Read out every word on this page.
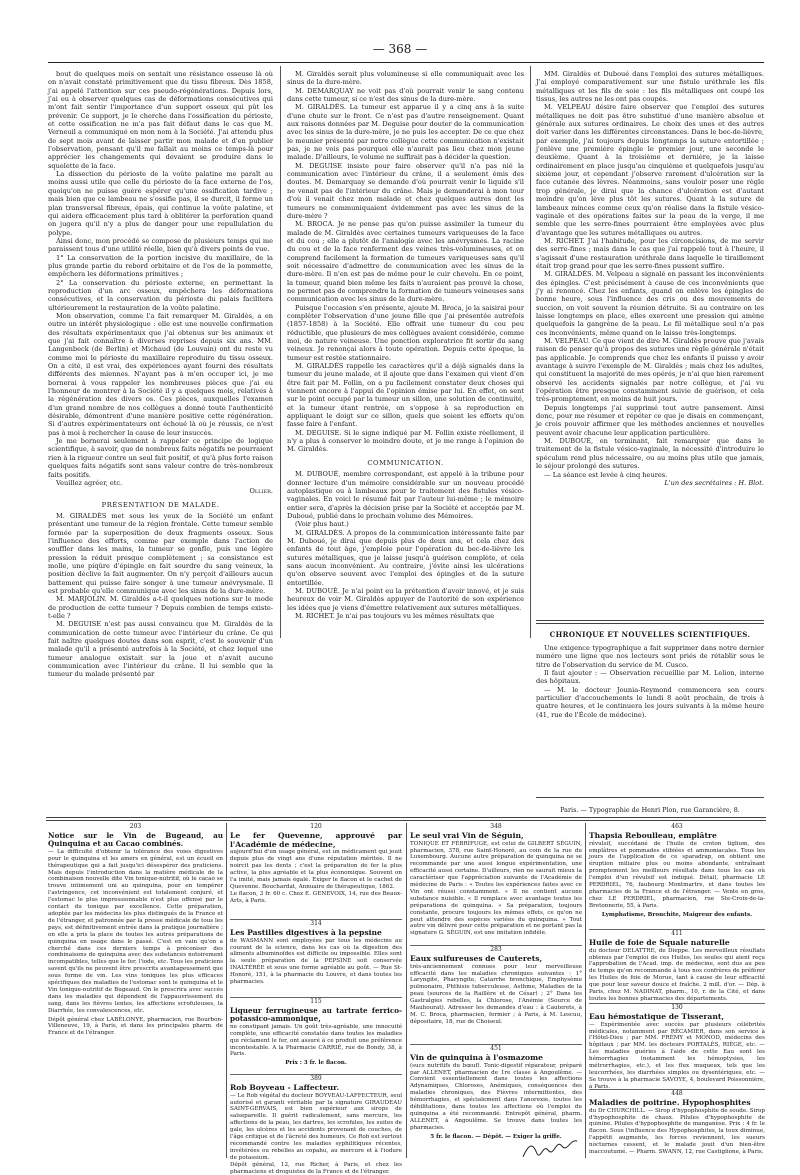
— 368 —

bout de quelques mois on sentait une résistance osseuse là où on n'avait constaté primitivement que du tissu fibreux. Dès 1858, j'ai appelé l'attention sur ces pseudo-régénérations. Depuis lors, j'ai eu à observer quelques cas de déformations consécutives qui m'ont fait sentir l'importance d'un support osseux qui pût les prévenir. Ce support, je le cherche dans l'ossification du périoste, et cette ossification ne m'a pas fait défaut dans le cas que M. Verneuil a communiqué en mon nom à la Société. J'ai attendu plus de sept mois avant de laisser partir mon malade et d'en publier l'observation, pensant qu'il me fallait au moins ce temps-là pour apprécier les changements qui devaient se produire dans le squelette de la face.

La dissection du périoste de la voûte palatine me paraît au moins aussi utile que celle du périoste de la face externe de l'os, quoiqu'on ne puisse guère espérer qu'une ossification tardive ; mais bien que ce lambeau ne s'ossifie pas, il se durcit, il forme un plan transversal fibreux, épais, qui continue la voûte palatine, et qui aidera efficacement plus tard à oblitérer la perforation quand on jugera qu'il n'y a plus de danger pour une repullulation du polype.

Ainsi donc, mon procédé se compose de plusieurs temps qui me paraissent tous d'une utilité réelle, bien qu'à divers points de vue.

1° La conservation de la portion incisive du maxillaire, de la plus grande partie du rebord orbitaire et de l'os de la pommette, empêchera les déformations primitives ;

2° La conservation du périoste externe, en permettant la reproduction d'un arc osseux, empêchera les déformations consécutives, et la conservation du périoste du palais facilitera ultérieurement la restauration de la voûte palatine.

Mon observation, comme l'a fait remarquer M. Giraldès, a en outre un intérêt physiologique : elle est une nouvelle confirmation des résultats expérimentaux que j'ai obtenus sur les animaux et que j'ai fait connaître à diverses reprises depuis six ans. MM. Langenbeck (de Berlin) et Michaud (de Louvain) ont du reste vu comme moi le périoste du maxillaire reproduire du tissu osseux. On a cité, il est vrai, des expériences ayant fourni des résultats différents des miennes. N'ayant pas à m'en occuper ici, je me bornerai à vous rappeler les nombreuses pièces que j'ai eu l'honneur de montrer à la Société il y a quelques mois, relatives à la régénération des divers os. Ces pièces, auxquelles l'examen d'un grand nombre de nos collègues a donné toute l'authenticité désirable, démontrent d'une manière positive cette régénération. Si d'autres expérimentateurs ont échoué là où je réussis, ce n'est pas à moi à rechercher la cause de leur insuccès.

Je me bornerai seulement à rappeler ce principe de logique scientifique, à savoir, que de nombreux faits négatifs ne pourraient rien à la rigueur contre un seul fait positif, et qu'à plus forte raison quelques faits négatifs sont sans valeur contre de très-nombreux faits positifs.

Veuillez agréer, etc.

Ollier.

PRÉSENTATION DE MALADE.

M. GIRALDÈS met sous les yeux de la Société un enfant présentant une tumeur de la région frontale. Cette tumeur semble formée par la superposition de deux fragments osseux. Sous l'influence des efforts, comme par exemple dans l'action de souffler dans les mains, la tumeur se gonfle, puis une légère pression la réduit presque complètement ; sa consistance est molle, une piqûre d'épingle en fait sourdre du sang veineux, la position déclive la fait augmenter. On n'y perçoit d'ailleurs aucun battement qui puisse faire songer à une tumeur anévrysmale. Il est probable qu'elle communique avec les sinus de la dure-mère.

M. MARJOLIN. M. Giraldès a-t-il quelques notions sur le mode de production de cette tumeur ? Depuis combien de temps existe-t-elle ?

M. DEGUISE n'est pas aussi convaincu que M. Giraldès de la communication de cette tumeur avec l'intérieur du crâne. Ce qui fait naître quelques doutes dans son esprit, c'est le souvenir d'un malade qu'il a présenté autrefois à la Société, et chez lequel une tumeur analogue existait sur la joue et n'avait aucune communication avec l'intérieur du crâne. Il lui semble que la tumeur du malade présenté par

M. Giraldès serait plus volumineuse si elle communiquait avec les sinus de la dure-mère.

M. DEMARQUAY ne voit pas d'où pourrait venir le sang contenu dans cette tumeur, si ce n'est des sinus de la dure-mère.

M. GIRALDÈS. La tumeur est apparue il y a cinq ans à la suite d'une chute sur le front. Ce n'est pas d'autre renseignement. Quant aux raisons données par M. Deguise pour douter de la communication avec les sinus de la dure-mère, je ne puis les accepter. De ce que chez le meunier présenté par notre collègue cette communication n'existait pas, je ne vois pas pourquoi elle n'aurait pas lieu chez mon jeune malade. D'ailleurs, le volume ne suffirait pas à décider la question.

M. DEGUISE insiste pour faire observer qu'il n'a pas nié la communication avec l'intérieur du crâne, il a seulement émis des doutes. M. Demarquay se demande d'où pourrait venir le liquide s'il ne venait pas de l'intérieur du crâne. Mais je demanderai à mon tour d'où il venait chez mon malade et chez quelques autres dont les tumeurs ne communiquaient évidemment pas avec les sinus de la dure-mère ?

M. BROCA. Je ne pense pas qu'on puisse assimiler la tumeur du malade de M. Giraldès avec certaines tumeurs variqueuses de la face et du cou ; elle a plutôt de l'analogie avec les anévrysmes. La racine du cou et de la face renferment des veines très-volumineuses, et on comprend facilement la formation de tumeurs variqueuses sans qu'il soit nécessaire d'admettre de communication avec les sinus de la dure-mère. Il n'en est pas de même pour le cuir chevelu. En ce point, la tumeur, quand bien même les faits n'auraient pas prouvé la chose, ne permet pas de comprendre la formation de tumeurs veineuses sans communication avec les sinus de la dure-mère.

Puisque l'occasion s'en présente, ajoute M. Broca, je la saisirai pour compléter l'observation d'une jeune fille que j'ai présentée autrefois (1857-1858) à la Société. Elle offrait une tumeur du cou peu réductible, que plusieurs de mes collègues avaient considérée, comme moi, de nature veineuse. Une ponction exploratrice fit sortir du sang veineux. Je renonçai alors à toute opération. Depuis cette époque, la tumeur est restée stationnaire.

M. GIRALDÈS rappelle les caractères qu'il a déjà signalés dans la tumeur du jeune malade, et il ajoute que dans l'examen qui vient d'en être fait par M. Follin, on a pu facilement constater deux choses qui viennent encore à l'appui de l'opinion émise par lui. En effet, on sent sur le point occupé par la tumeur un sillon, une solution de continuité, et la tumeur étant rentrée, on s'oppose à sa reproduction en appliquant le doigt sur ce sillon, quels que soient les efforts qu'on fasse faire à l'enfant.

M. DEGUISE. Si le signe indiqué par M. Follin existe réellement, il n'y a plus à conserver le moindre doute, et je me range à l'opinion de M. Giraldès.

COMMUNICATION.

M. DUBOUÉ, membre correspondant, est appelé à la tribune pour donner lecture d'un mémoire considérable sur un nouveau procédé autoplastique ou à lambeaux pour le traitement des fistules vésico-vaginales. En voici le résumé fait par l'auteur lui-même ; le mémoire entier sera, d'après la décision prise par la Société et acceptée par M. Duboué, publié dans le prochain volume des Mémoires.

(Voir plus haut.)

M. GIRALDÈS. A propos de la communication intéressante faite par M. Duboué, je dirai que depuis plus de deux ans, et cela chez des enfants de tout âge, j'emploie pour l'opération du bec-de-lièvre les sutures métalliques, que je laisse jusqu'à guérison complète, et cela sans aucun inconvénient. Au contraire, j'évite ainsi les ulcérations qu'on observe souvent avec l'emploi des épingles et de la suture entortillée.

M. DUBOUÉ. Je n'ai point eu la prétention d'avoir innové, et je suis heureux de voir M. Giraldès appuyer de l'autorité de son expérience les idées que je viens d'émettre relativement aux sutures métalliques.

M. RICHET. Je n'ai pas toujours vu les mêmes résultats que

MM. Giraldès et Duboué dans l'emploi des sutures métalliques. J'ai employé comparativement sur une fistule uréthrale les fils métalliques et les fils de soie : les fils métalliques ont coupé les tissus, les autres ne les ont pas coupés.

M. VELPEAU désire faire observer que l'emploi des sutures métalliques ne doit pas être substitué d'une manière absolue et générale aux sutures ordinaires. Le choix des unes et des autres doit varier dans les différentes circonstances. Dans le bec-de-lièvre, par exemple, j'ai toujours depuis longtemps la suture entortillée ; j'enlève une première épingle le premier jour, une seconde le deuxième. Quant à la troisième et dernière, je la laisse ordinairement en place jusqu'au cinquième et quelquefois jusqu'au sixième jour, et cependant j'observe rarement d'ulcération sur la face cutanée des lèvres. Néanmoins, sans vouloir poser une règle trop générale, je dirai que la chance d'ulcération est d'autant moindre qu'on lève plus tôt les sutures. Quant à la suture de lambeaux minces comme ceux qu'on réalise dans la fistule vésico-vaginale et des opérations faites sur la peau de la verge, il me semble que les serre-fines pourraient être employées avec plus d'avantage que les sutures métalliques ou autres.

M. RICHET. J'ai l'habitude, pour les circoncisions, de me servir des serre-fines ; mais dans le cas que j'ai rappelé tout à l'heure, il s'agissait d'une restauration uréthrale dans laquelle le tiraillement était trop grand pour que les serre-fines pussent suffire.

M. GIRALDÈS. M. Velpeau a signalé en passant les inconvénients des épingles. C'est précisément à cause de ces inconvénients que j'y ai renoncé. Chez les enfants, quand on enlève les épingles de bonne heure, sous l'influence des cris ou des mouvements de succion, on voit souvent la réunion détruite. Si au contraire on les laisse longtemps en place, elles exercent une pression qui amène quelquefois la gangrène de la peau. Le fil métallique seul n'a pas ces inconvénients, même quand on le laisse très-longtemps.

M. VELPEAU. Ce que vient de dire M. Giraldès prouve que j'avais raison de penser qu'à propos des sutures une règle générale n'était pas applicable. Je comprends que chez les enfants il puisse y avoir avantage à suivre l'exemple de M. Giraldès ; mais chez les adultes, qui constituent la majorité de mes opérés, je n'ai que bien rarement observé les accidents signalés par notre collègue, et j'ai vu l'opération être presque constamment suivie de guérison, et cela très-promptement, en moins de huit jours.

Depuis longtemps j'ai supprimé tout autre pansement. Ainsi donc, pour me résumer et répéter ce que je disais en commençant, je crois pouvoir affirmer que les méthodes anciennes et nouvelles peuvent avoir chacune leur application particulière.

M. DUBOUÉ, en terminant, fait remarquer que dans le traitement de la fistule vésico-vaginale, la nécessité d'introduire le spéculum rend plus nécessaire, ou au moins plus utile que jamais, le séjour prolongé des sutures.

— La séance est levée à cinq heures.

L'un des secrétaires : H. Blot.

CHRONIQUE ET NOUVELLES SCIENTIFIQUES.

Une exigence typographique a fait supprimer dans notre dernier numéro une ligne que nos lecteurs sont priés de rétablir sous le titre de l'observation du service de M. Cusco.

Il faut ajouter : — Observation recueillie par M. Lelion, interne des hôpitaux.

— M. le docteur Jounia-Reymond commencera son cours particulier d'accouchements le lundi 8 août prochain, de trois à quatre heures, et le continuera les jours suivants à la même heure (41, rue de l'École de médecine).

Paris. — Typographie de Henri Plon, rue Garancière, 8.
203
Notice sur le Vin de Bugeaud, au Quinquina et au Cacao combinés.
— La difficulté d'obtenir la tolérance des voies digestives pour le quinquina et les amers en général, est un écueil en thérapeutique qui a fait jusqu'ici désespérer des praticiens. Mais depuis l'introduction dans la matière médicale de la combinaison nouvelle dite Vin tonique-nutritif, où le cacao se trouve intimement uni au quinquina, pour en tempérer l'astringence, cet inconvénient est totalement conjuré, et l'estomac le plus impressionnable n'est plus offensé par le contact du tonique par excellence. Cette préparation, adoptée par les médecins les plus distingués de la France et de l'étranger, et patronnée par la presse médicale de tous les pays, est définitivement entrée dans la pratique journalière ; on elle a pris la place de toutes les autres préparations de quinquina en usage dans le passé. C'est en vain qu'on a cherché dans ces derniers temps à préconiser des combinaisons de quinquina avec des substances notoirement incompatibles, telles que le fer, l'iode, etc. Tous les praticiens savent qu'ils ne peuvent être prescrits avantageusement que sous forme de vin. Les vins toniques les plus efficaces spécifiques des maladies de l'estomac sont le quinquina et le Vin tonique-nutritif de Bugeaud. On le prescrira avec succès dans les maladies qui dépendent de l'appauvrissement du sang, dans les fièvres lentes, les affections scrofuleuses, la Diarrhée, les convalescences, etc.
Dépôt général chez LABÉLONYE, pharmacien, rue Bourbon-Villeneuve, 19, à Paris, et dans les principales pharm. de France et de l'étranger.
120
Le fer Quevenne, approuvé par l'Académie de médecine,
aujourd'hui d'un usage général, est un médicament qui jouit depuis plus de vingt ans d'une réputation méritée. Il ne noircit pas les dents ; c'est la préparation de fer la plus active, la plus agréable et la plus économique. Souvent on l'a imité, mais jamais égalé. Exiger le flacon et le cachet de Quevenne. Bouchardat, Annuaire de thérapeutique, 1862.
Le flacon, 3 fr. 60 c. Chez E. GENEVOIX, 14, rue des Beaux-Arts, à Paris.
314
Les Pastilles digestives à la pepsine
de WASMANN sont employées par tous les médecins au courant de la science, dans les cas où la digestion des aliments albuminoïdes est difficile ou impossible. Elles sont la seule préparation de la PEPSINE soit conservée INALTÉRÉE et sous une forme agréable au goût. — Rue St-Honoré, 151, à la pharmacie du Louvre, et dans toutes les pharmacies.
115
Liqueur ferrugineuse au tartrate ferrico-potassico-ammonique,
ne constipant jamais. Un goût très-agréable, une innocuité complète, une efficacité constatée dans toutes les maladies qui réclament le fer, ont assuré à ce produit une préférence incontestable. A la Pharmacie CARRIÉ, rue de Bondy, 38, à Paris.
Prix : 3 fr. le flacon.
389
Rob Boyveau - Laffecteur.
— Le Rob végétal du docteur BOYVEAU-LAFFECTEUR, seul autorisé et garanti véritable par la signature GIRAUDEAU SAINT-GERVAIS, est bien supérieur aux sirops de salsepareille. Il guérit radicalement, sans mercure, les affections de la peau, les dartres, les scrofules, les suites de gale, les ulcères et les accidents provenant de couches, de l'âge critique et de l'âcreté des humeurs. Ce Rob est surtout recommandé contre les maladies syphilitiques récentes, invétérées ou rebelles au copahu, au mercure et à l'iodure de potassium.
Dépôt général, 12, rue Richer, à Paris, et chez les pharmaciens et droguistes de la France et de l'étranger.
348
Le seul vrai Vin de Séguin,
TONIQUE ET FÉBRIFUGE, est celui de GILBERT SÉGUIN, pharmacien, 378, rue Saint-Honoré, au coin de la rue du Luxembourg. Aucune autre préparation de quinquina ne se recommande par une aussi longue expérimentation, une efficacité aussi certaine. D'ailleurs, rien ne saurait mieux la caractériser que l'appréciation suivante de l'Académie de médecine de Paris : « Toutes les expériences faites avec ce Vin ont réussi constamment. « Il ne contient aucune substance nuisible. « Il remplace avec avantage toutes les préparations de quinquina. « Sa préparation, toujours constante, procure toujours les mêmes effets, ce qu'on ne peut attendre des espèces variées du quinquina. » Tout autre vin délivré pour cette préparation et ne portant pas la signature G. SÉGUIN, est une imitation infidèle.
283
Eaux sulfureuses de Cauterets,
très-anciennement connues pour leur merveilleuse efficacité dans les maladies chroniques suivantes : 1° Laryngite, Pharyngite, Catarrhe bronchique, Emphysème pulmonaire, Phthisie tuberculeuse, Asthme, Maladies de la peau (sources de la Raillère et de César) ; 2° Dans les Gastralgies rebelles, la Chlorose, l'Anémie (Source de Mauhourat). Adresser les demandes d'eau : à Cauterets, à M. C. Broca, pharmacien, fermier ; à Paris, à M. Lescuu, dépositaire, 18, rue de Choiseul.
451
Vin de quinquina à l'osmazome
(sucs nutritifs du bœuf). Tonic-digestif réparateur, préparé par ALLENET, pharmacien de 1re classe à Angoulême. — Convient essentiellement dans toutes les affections Adynamiques, Chloroses, Anémiques, conséquences des maladies chroniques, des Fièvres intermittentes, des hémorrhagies, et spécialement dans l'anorexie, toutes les débilitations, dans toutes les affections où l'emploi du quinquina a été recommandé. Entrepôt général, pharm. ALLENET, à Angoulême. Se trouve dans toutes les pharmacies.
5 fr. le flacon. — Dépôt. — Exiger la griffe.
463
Thapsia Reboulleau, emplâtre
révulsif, succédané de l'huile de croton tiglium, des emplâtres et pommades stibiées et ammoniacales. Tous les jours de l'application de ce sparadrap, on obtient une éruption miliaire plus ou moins abondante, entraînant promptement les meilleurs résultats dans tous les cas où l'emploi d'un révulsif est indiqué. Détail, pharmacie LE PERDRIEL, 76, faubourg Montmartre, et dans toutes les pharmacies de la France et de l'étranger. — Vente en gros, chez LE PERDRIEL, pharmacien, rue Ste-Croix-de-la-Bretonnerie, 55, à Paris.
Lymphatisme, Bronchite, Maigreur des enfants.
411
Huile de foie de Squale naturelle
du docteur DELATTRE, de Dieppe. Les merveilleux résultats obtenus par l'emploi de ces Huiles, les seules qui aient reçu l'approbation de l'Acad. imp. de médecine, sont dus au peu de temps qu'on recommande à tous nos confrères de préférer les Huiles de foie de Morue, tant à cause de leur efficacité que pour leur saveur douce et fraîche. 2 mill. d'or. — Dép. à Paris, chez M. NADINAT, pharm., 10, r. de la Cité, et dans toutes les bonnes pharmacies des départements.
130
Eau hémostatique de Tisserant,
— Expérimentée avec succès par plusieurs célébrités médicales, notamment par RÉCAMIER, dans son service à l'Hôtel-Dieu ; par MM. FRÉMY et MONOD, médecins des hôpitaux ; par MM. les docteurs PORTALÈS, RIÈGE, etc. — Les maladies guéries à l'aide de cette Eau sont les hémorrhagies (notamment les hémoptysies, les métrorrhagies, etc.), et les flux muqueux, tels que les leucorrhées, les diarrhées simples ou dysentériques, etc. — Se trouve à la pharmacie SAVOYE, 4, boulevard Poissonnière, à Paris.
448
Maladies de poitrine. Hypophosphites
du Dr CHURCHILL. — Sirop d'hypophosphite de soude. Sirop d'hypophosphite de chaux. Pilules d'hypophosphite de quinine. Pilules d'hypophosphite de manganèse. Prix : 4 fr. le flacon. Sous l'influence des Hypophosphites, la toux diminue, l'appétit augmente, les forces reviennent, les sueurs nocturnes cessent, et le malade jouit d'un bien-être inaccoutumé. — Pharm. SWANN, 12, rue Castiglione, à Paris.
